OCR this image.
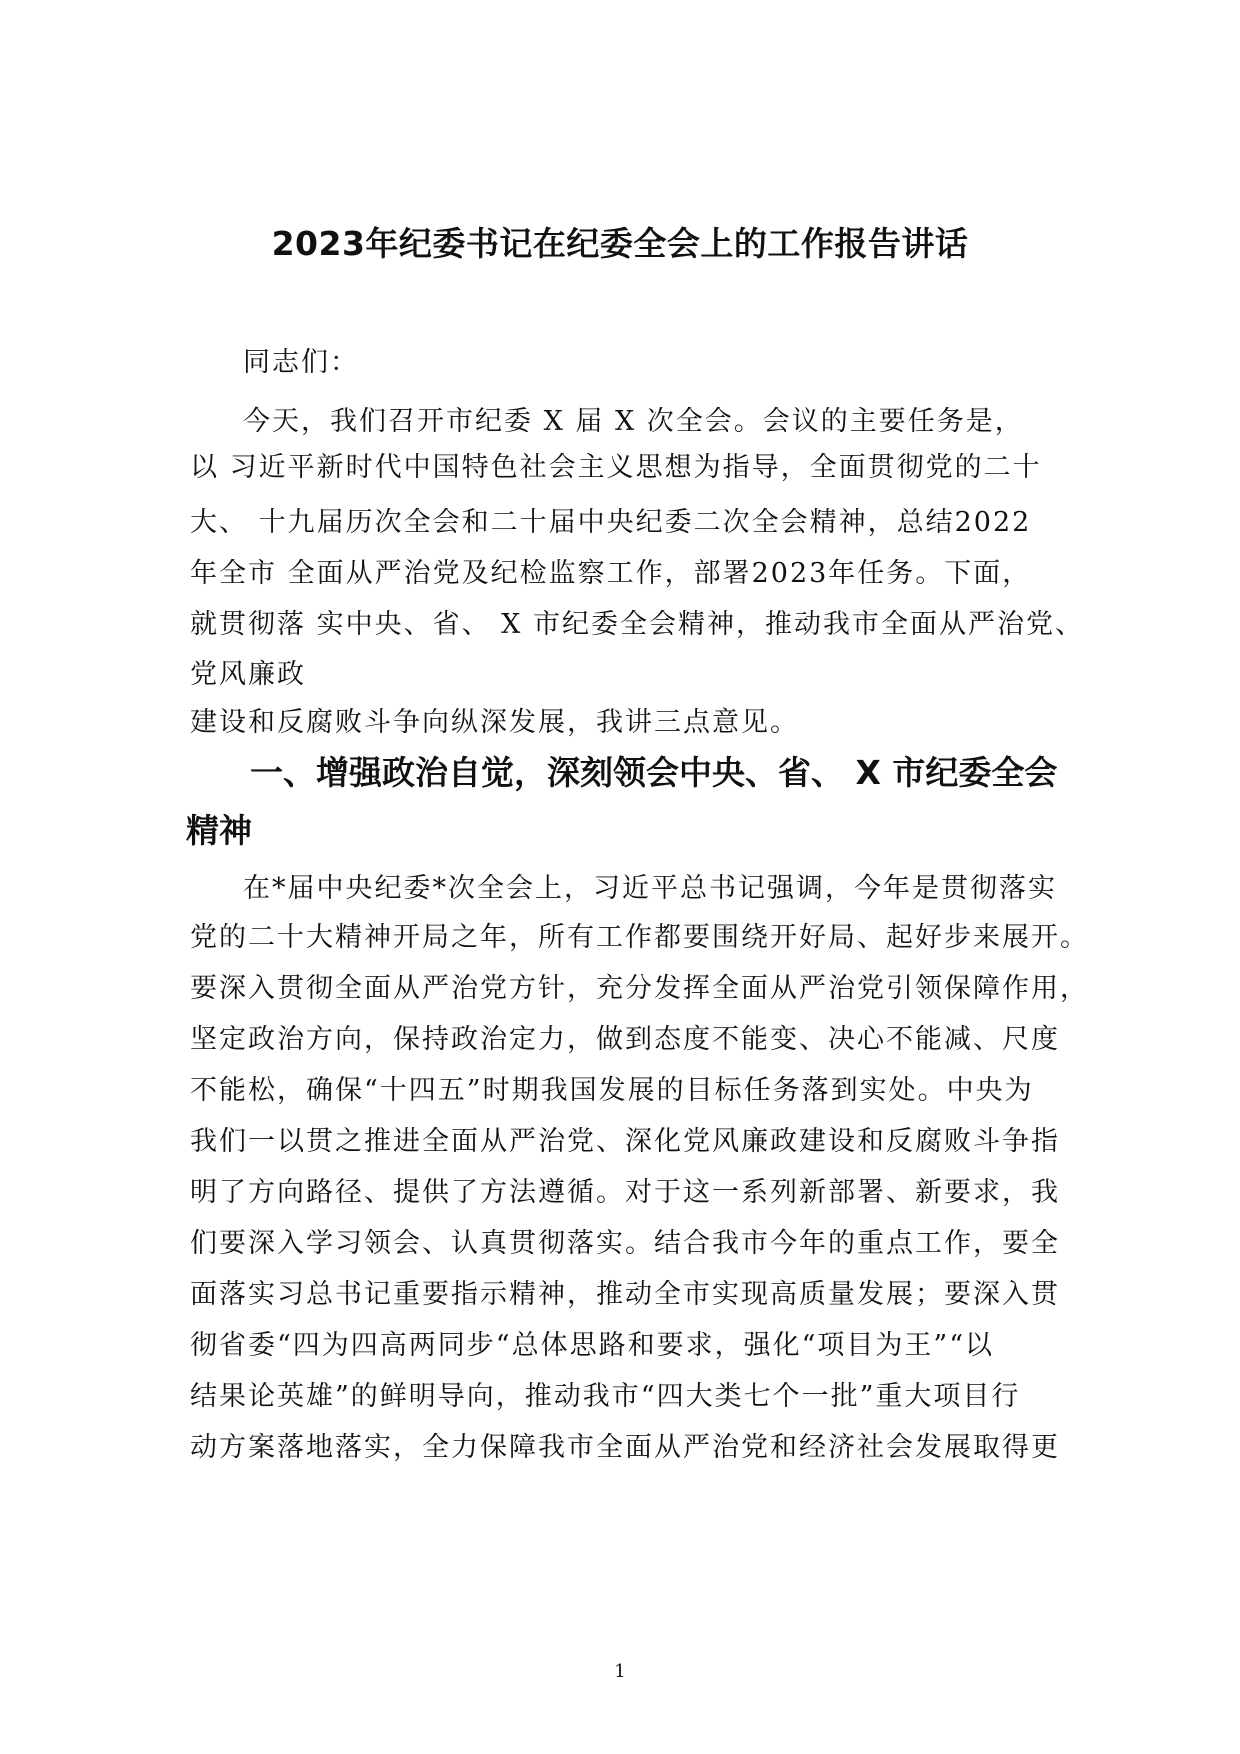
2023年纪委书记在纪委全会上的工作报告讲话
同志们：
今天，我们召开市纪委 X 届 X 次全会。会议的主要任务是，
以 习近平新时代中国特色社会主义思想为指导，全面贯彻党的二十
大、 十九届历次全会和二十届中央纪委二次全会精神，总结2022
年全市 全面从严治党及纪检监察工作，部署2023年任务。下面，
就贯彻落 实中央、省、 X 市纪委全会精神，推动我市全面从严治党、
党风廉政
建设和反腐败斗争向纵深发展，我讲三点意见。
一、增强政治自觉，深刻领会中央、省、 X 市纪委全会
精神
在*届中央纪委*次全会上，习近平总书记强调，今年是贯彻落实
党的二十大精神开局之年，所有工作都要围绕开好局、起好步来展开。
要深入贯彻全面从严治党方针，充分发挥全面从严治党引领保障作用，
坚定政治方向，保持政治定力，做到态度不能变、决心不能减、尺度
不能松，确保“十四五”时期我国发展的目标任务落到实处。中央为
我们一以贯之推进全面从严治党、深化党风廉政建设和反腐败斗争指
明了方向路径、提供了方法遵循。对于这一系列新部署、新要求，我
们要深入学习领会、认真贯彻落实。结合我市今年的重点工作，要全
面落实习总书记重要指示精神，推动全市实现高质量发展；要深入贯
彻省委“四为四高两同步“总体思路和要求，强化“项目为王”“以
结果论英雄”的鲜明导向，推动我市“四大类七个一批”重大项目行
动方案落地落实，全力保障我市全面从严治党和经济社会发展取得更
1
